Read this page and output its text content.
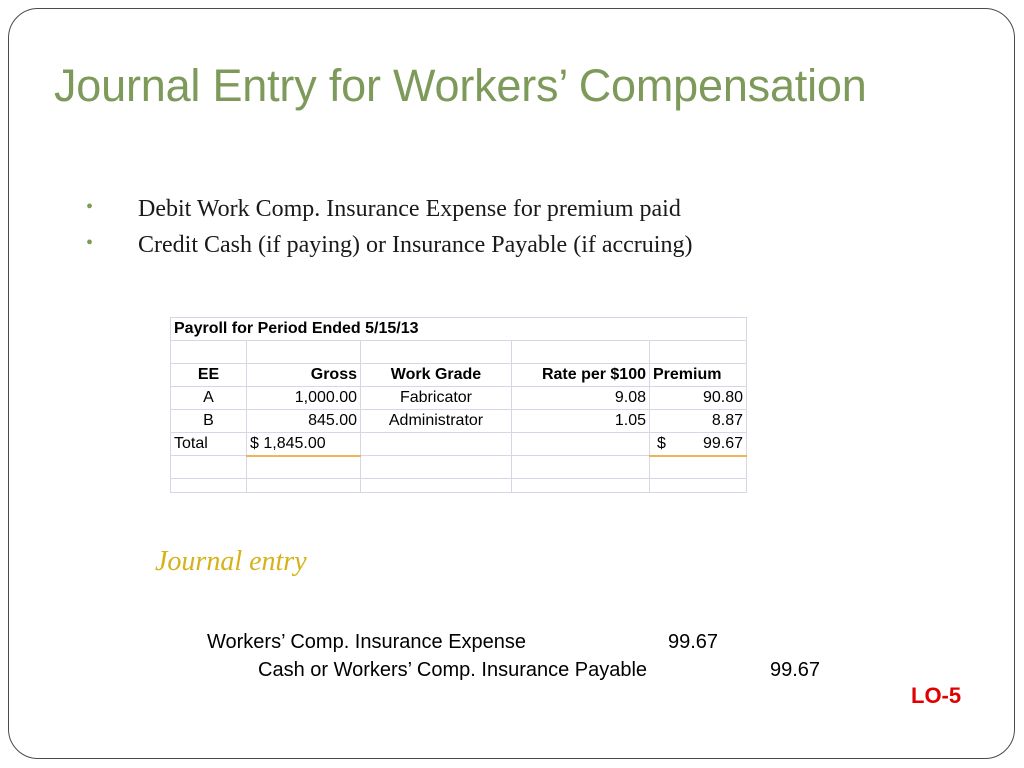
Journal Entry for Workers’ Compensation
• Debit Work Comp. Insurance Expense for premium paid
• Credit Cash (if paying) or Insurance Payable (if accruing)
Payroll for Period Ended 5/15/13				

EE	Gross	Work Grade	Rate per $100	Premium
A	1,000.00	Fabricator	9.08	90.80
B	845.00	Administrator	1.05	8.87
Total	$ 1,845.00			$ 99.67

Journal entry
Workers’ Comp. Insurance Expense	99.67
Cash or Workers’ Comp. Insurance Payable	99.67
LO-5
